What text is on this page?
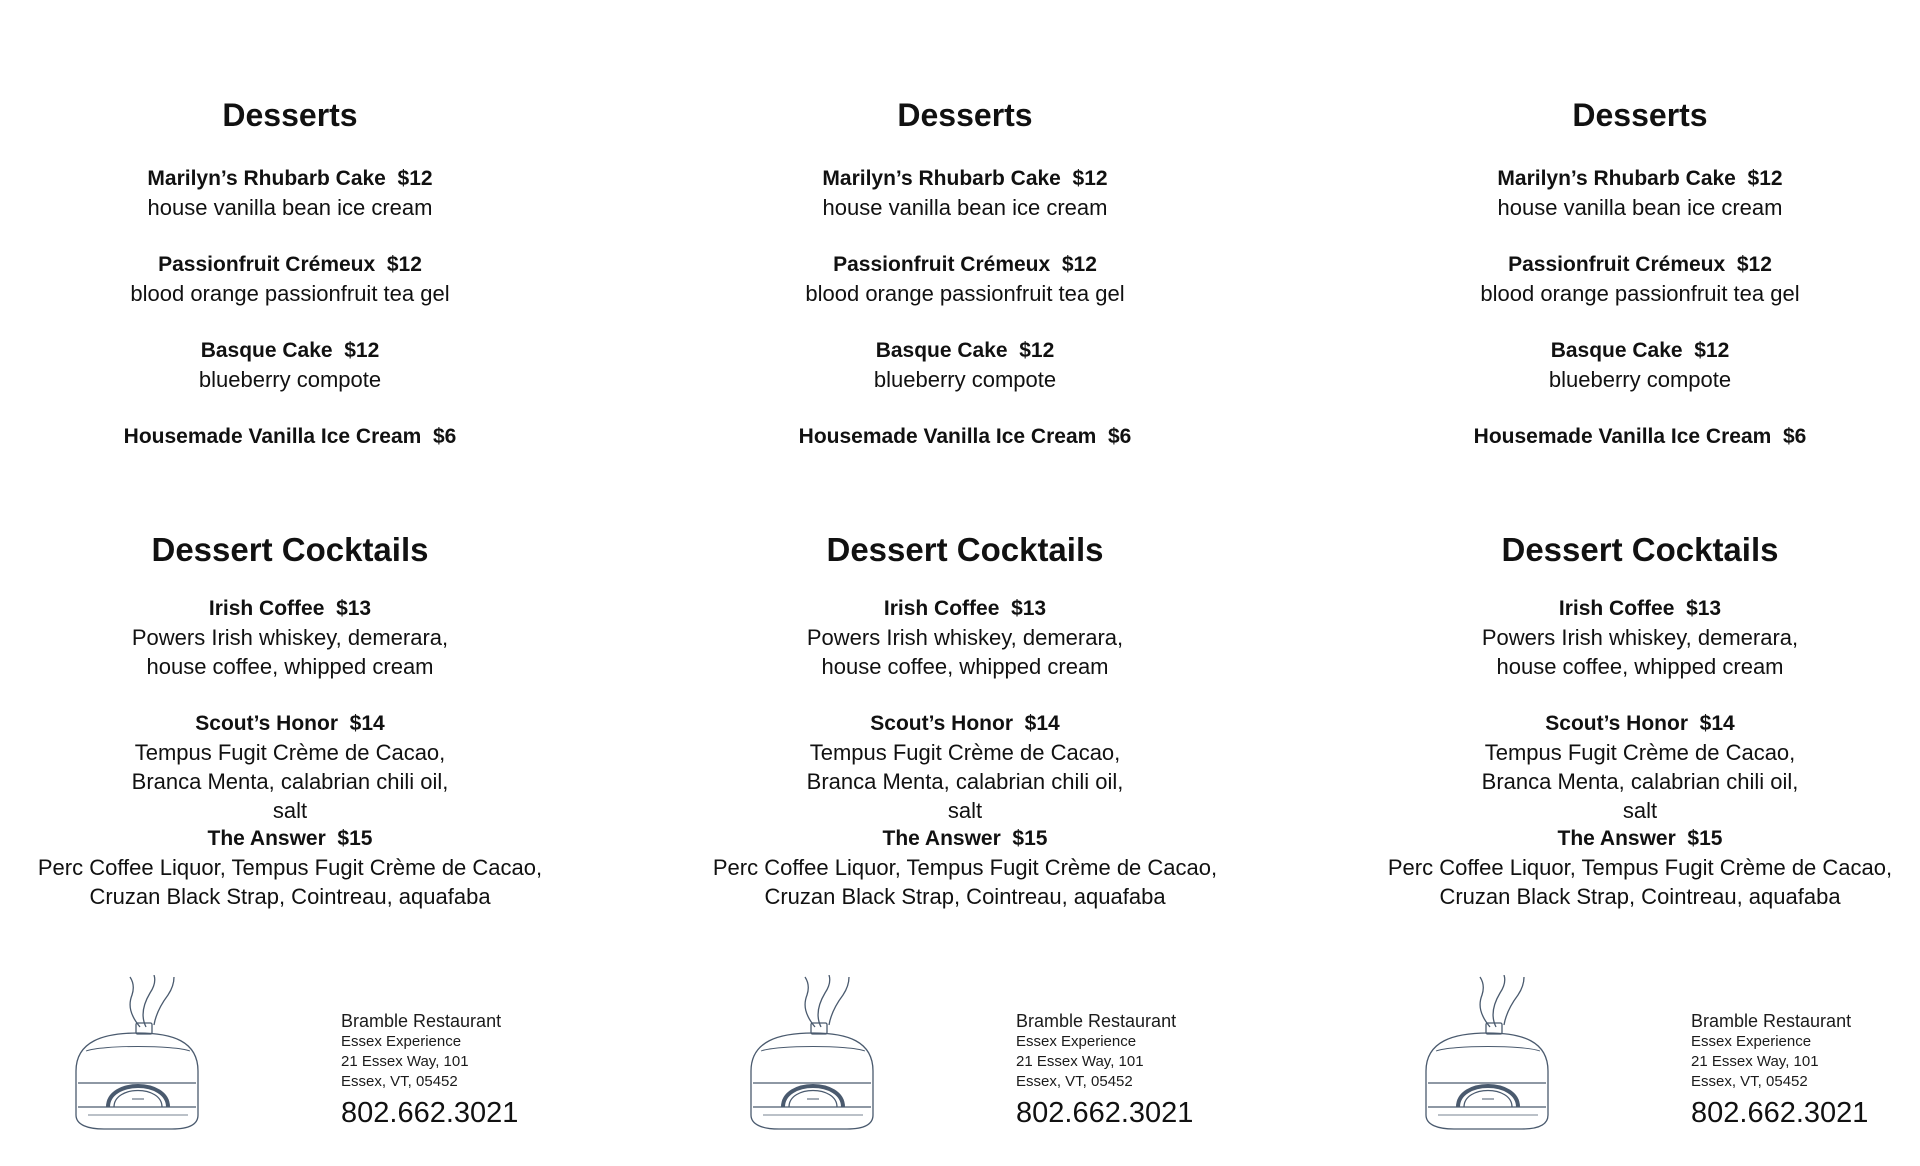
Desserts
Marilyn’s Rhubarb Cake  $12
house vanilla bean ice cream
Passionfruit Crémeux  $12
blood orange passionfruit tea gel
Basque Cake  $12
blueberry compote
Housemade Vanilla Ice Cream  $6
Dessert Cocktails
Irish Coffee  $13
Powers Irish whiskey, demerara, house coffee, whipped cream
Scout’s Honor  $14
Tempus Fugit Crème de Cacao, Branca Menta, calabrian chili oil, salt
The Answer  $15
Perc Coffee Liquor, Tempus Fugit Crème de Cacao, Cruzan Black Strap, Cointreau, aquafaba
Bramble Restaurant
Essex Experience
21 Essex Way, 101
Essex, VT, 05452
802.662.3021
Desserts
Marilyn’s Rhubarb Cake  $12
house vanilla bean ice cream
Passionfruit Crémeux  $12
blood orange passionfruit tea gel
Basque Cake  $12
blueberry compote
Housemade Vanilla Ice Cream  $6
Dessert Cocktails
Irish Coffee  $13
Powers Irish whiskey, demerara, house coffee, whipped cream
Scout’s Honor  $14
Tempus Fugit Crème de Cacao, Branca Menta, calabrian chili oil, salt
The Answer  $15
Perc Coffee Liquor, Tempus Fugit Crème de Cacao, Cruzan Black Strap, Cointreau, aquafaba
Bramble Restaurant
Essex Experience
21 Essex Way, 101
Essex, VT, 05452
802.662.3021
Desserts
Marilyn’s Rhubarb Cake  $12
house vanilla bean ice cream
Passionfruit Crémeux  $12
blood orange passionfruit tea gel
Basque Cake  $12
blueberry compote
Housemade Vanilla Ice Cream  $6
Dessert Cocktails
Irish Coffee  $13
Powers Irish whiskey, demerara, house coffee, whipped cream
Scout’s Honor  $14
Tempus Fugit Crème de Cacao, Branca Menta, calabrian chili oil, salt
The Answer  $15
Perc Coffee Liquor, Tempus Fugit Crème de Cacao, Cruzan Black Strap, Cointreau, aquafaba
Bramble Restaurant
Essex Experience
21 Essex Way, 101
Essex, VT, 05452
802.662.3021
